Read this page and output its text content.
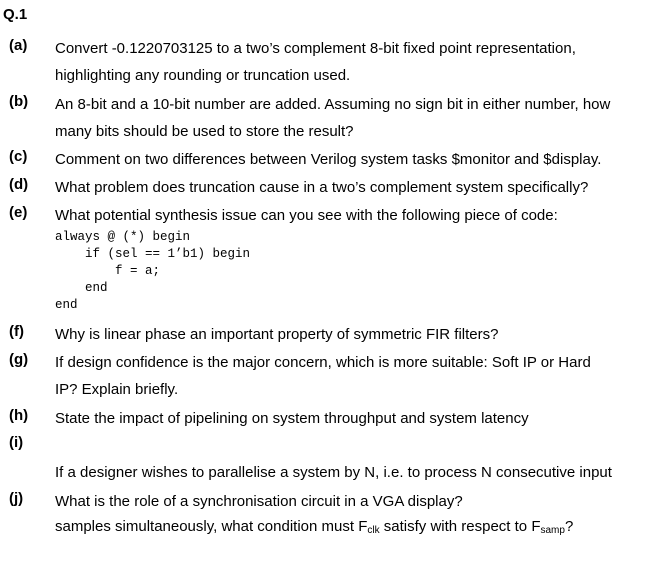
Q.1
(a) Convert -0.1220703125 to a two’s complement 8-bit fixed point representation,
highlighting any rounding or truncation used.
(b) An 8-bit and a 10-bit number are added. Assuming no sign bit in either number, how
many bits should be used to store the result?
(c) Comment on two differences between Verilog system tasks $monitor and $display.
(d) What problem does truncation cause in a two’s complement system specifically?
(e) What potential synthesis issue can you see with the following piece of code:
always @ (*) begin
if (sel == 1’b1) begin
f = a;
end
end
(f) Why is linear phase an important property of symmetric FIR filters?
(g) If design confidence is the major concern, which is more suitable: Soft IP or Hard
IP? Explain briefly.
(h) State the impact of pipelining on system throughput and system latency
(i)

If a designer wishes to parallelise a system by N, i.e. to process N consecutive input

samples simultaneously, what condition must $F_{clk}$ satisfy with respect to $F_{samp}$?

(j) What is the role of a synchronisation circuit in a VGA display?
